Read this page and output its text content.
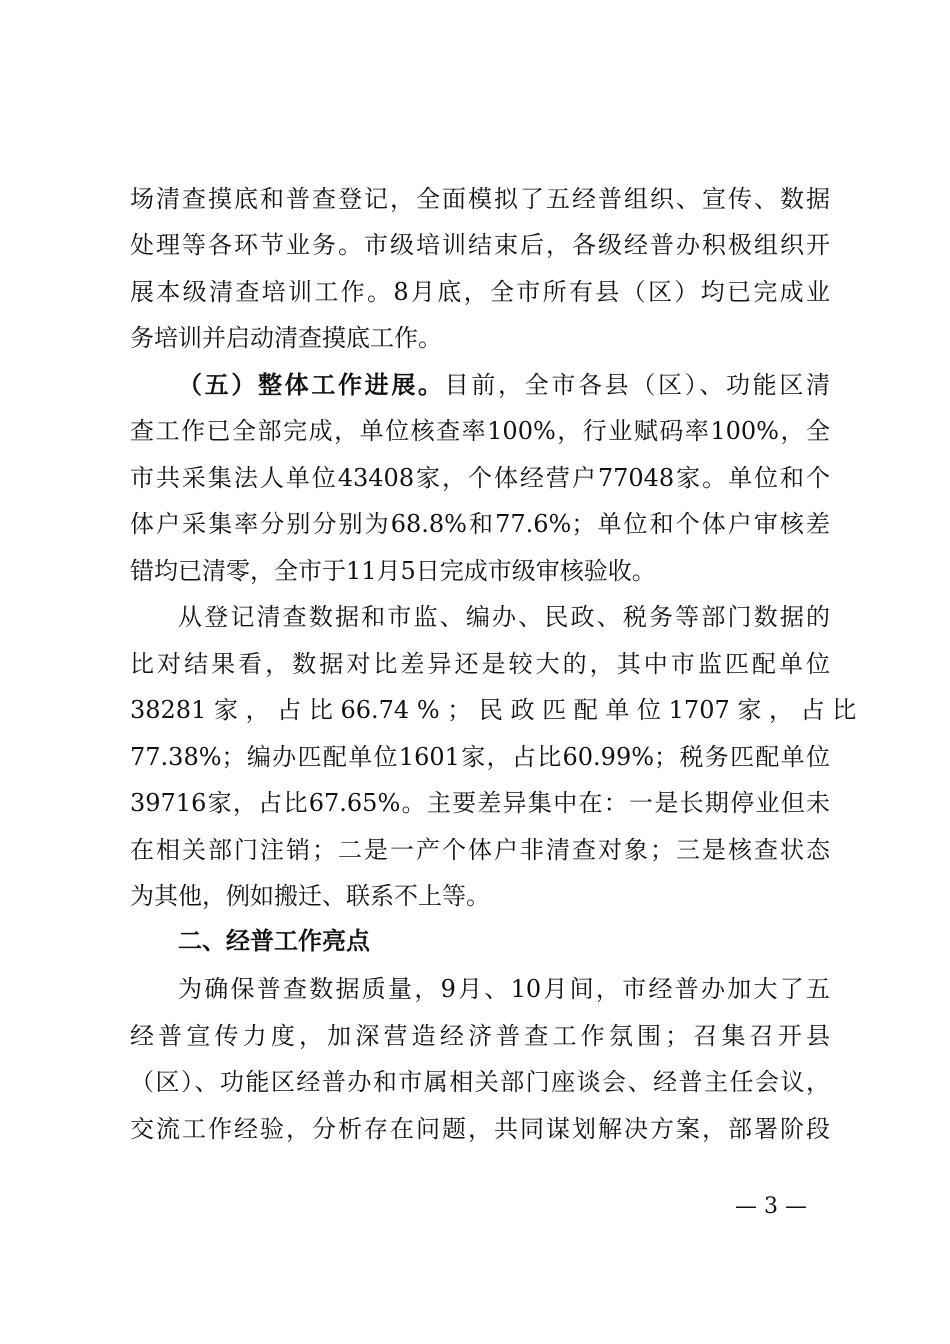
场清查摸底和普查登记，全面模拟了五经普组织、宣传、数据
处理等各环节业务。市级培训结束后，各级经普办积极组织开
展本级清查培训工作。8月底，全市所有县（区）均已完成业
务培训并启动清查摸底工作。
（五）整体工作进展。目前，全市各县（区）、功能区清
查工作已全部完成，单位核查率100%，行业赋码率100%，全
市共采集法人单位43408家，个体经营户77048家。单位和个
体户采集率分别分别为68.8%和77.6%；单位和个体户审核差
错均已清零，全市于11月5日完成市级审核验收。
从登记清查数据和市监、编办、民政、税务等部门数据的
比对结果看，数据对比差异还是较大的，其中市监匹配单位
38281 家 ， 占 比 66.74 % ； 民 政 匹 配 单 位 1707 家 ， 占 比
77.38%；编办匹配单位1601家，占比60.99%；税务匹配单位
39716家，占比67.65%。主要差异集中在：一是长期停业但未
在相关部门注销；二是一产个体户非清查对象；三是核查状态
为其他，例如搬迁、联系不上等。
二、经普工作亮点
为确保普查数据质量，9月、10月间，市经普办加大了五
经普宣传力度，加深营造经济普查工作氛围；召集召开县
（区）、功能区经普办和市属相关部门座谈会、经普主任会议，
交流工作经验，分析存在问题，共同谋划解决方案，部署阶段
— 3 —
